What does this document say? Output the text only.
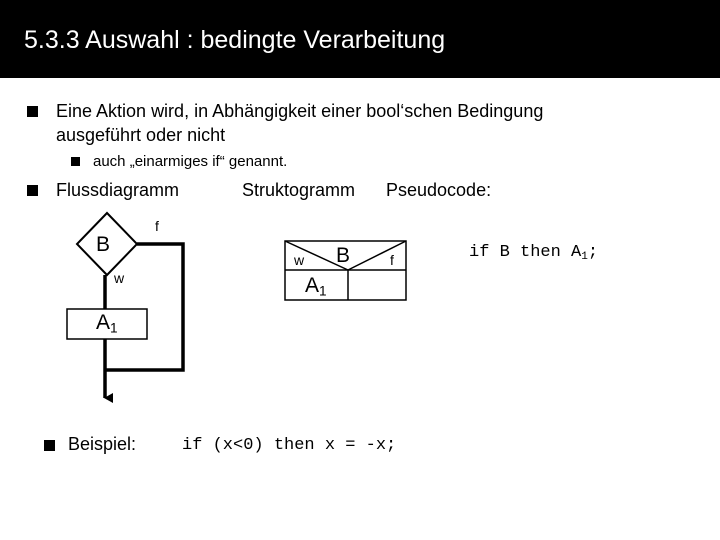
5.3.3 Auswahl : bedingte Verarbeitung
Eine Aktion wird, in Abhängigkeit einer bool‘schen Bedingung
ausgeführt oder nicht
auch „einarmiges if“ genannt.
Flussdiagramm	Struktogramm Pseudocode:
B
f
w
$A_1$
w B	f
$A_1$
if B then $A_1$;
Beispiel:	if (x<0) then x = -x;
